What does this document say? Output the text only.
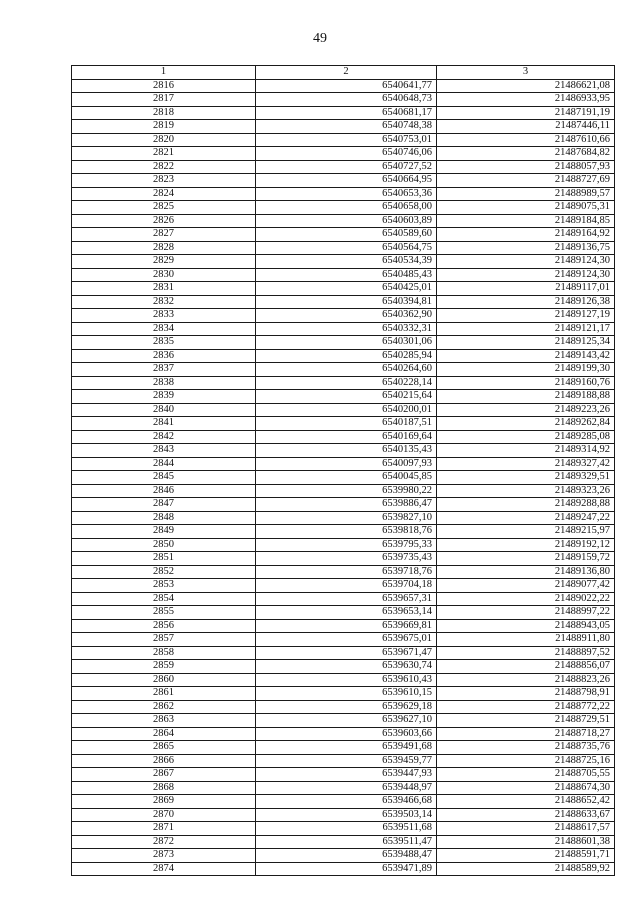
49
1	2	3
2816	6540641,77	21486621,08
2817	6540648,73	21486933,95
2818	6540681,17	21487191,19
2819	6540748,38	21487446,11
2820	6540753,01	21487610,66
2821	6540746,06	21487684,82
2822	6540727,52	21488057,93
2823	6540664,95	21488727,69
2824	6540653,36	21488989,57
2825	6540658,00	21489075,31
2826	6540603,89	21489184,85
2827	6540589,60	21489164,92
2828	6540564,75	21489136,75
2829	6540534,39	21489124,30
2830	6540485,43	21489124,30
2831	6540425,01	21489117,01
2832	6540394,81	21489126,38
2833	6540362,90	21489127,19
2834	6540332,31	21489121,17
2835	6540301,06	21489125,34
2836	6540285,94	21489143,42
2837	6540264,60	21489199,30
2838	6540228,14	21489160,76
2839	6540215,64	21489188,88
2840	6540200,01	21489223,26
2841	6540187,51	21489262,84
2842	6540169,64	21489285,08
2843	6540135,43	21489314,92
2844	6540097,93	21489327,42
2845	6540045,85	21489329,51
2846	6539980,22	21489323,26
2847	6539886,47	21489288,88
2848	6539827,10	21489247,22
2849	6539818,76	21489215,97
2850	6539795,33	21489192,12
2851	6539735,43	21489159,72
2852	6539718,76	21489136,80
2853	6539704,18	21489077,42
2854	6539657,31	21489022,22
2855	6539653,14	21488997,22
2856	6539669,81	21488943,05
2857	6539675,01	21488911,80
2858	6539671,47	21488897,52
2859	6539630,74	21488856,07
2860	6539610,43	21488823,26
2861	6539610,15	21488798,91
2862	6539629,18	21488772,22
2863	6539627,10	21488729,51
2864	6539603,66	21488718,27
2865	6539491,68	21488735,76
2866	6539459,77	21488725,16
2867	6539447,93	21488705,55
2868	6539448,97	21488674,30
2869	6539466,68	21488652,42
2870	6539503,14	21488633,67
2871	6539511,68	21488617,57
2872	6539511,47	21488601,38
2873	6539488,47	21488591,71
2874	6539471,89	21488589,92
